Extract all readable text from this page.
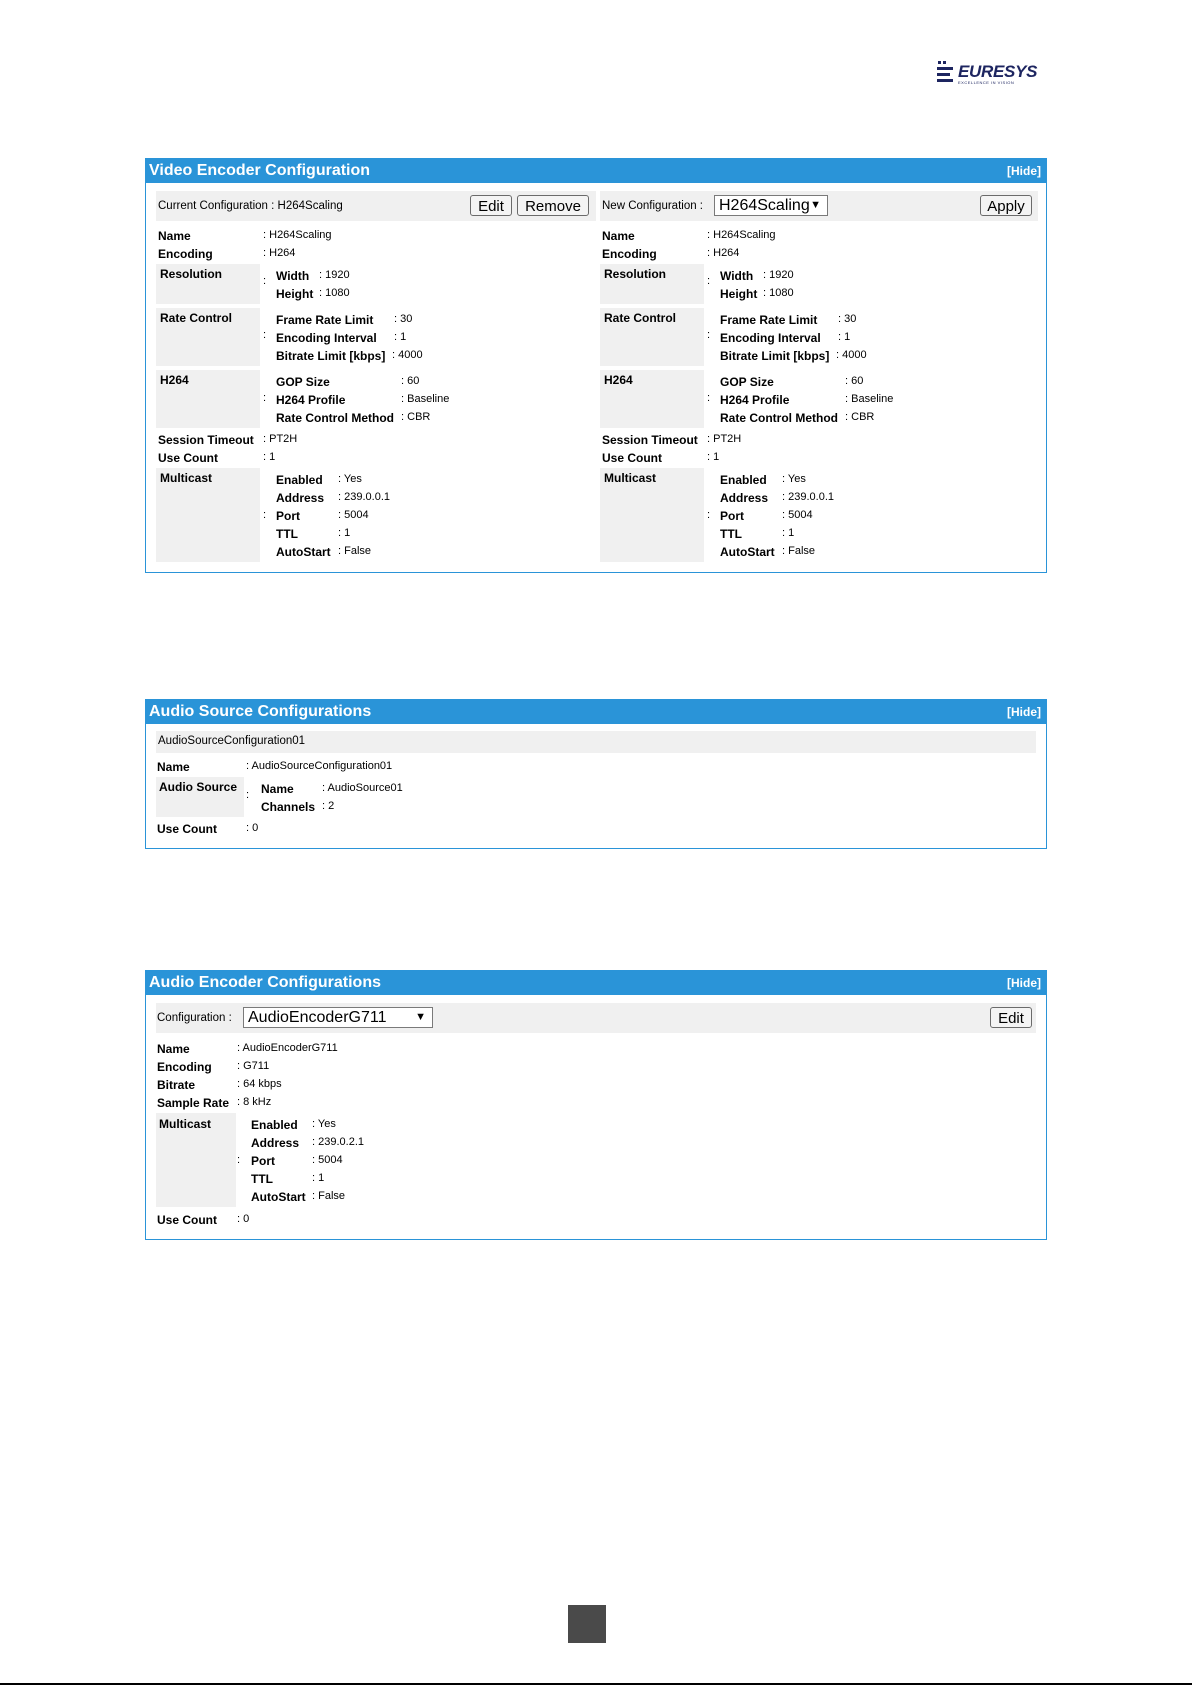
EURESYS
EXCELLENCE IN VISION
Video Encoder Configuration	[Hide]
Current Configuration : H264Scaling	Edit	Remove	New Configuration :	H264Scaling ▼	Apply
Name	: H264Scaling
Encoding	: H264
Resolution	: Width : 1920
Height : 1080
Rate Control
:
Frame Rate Limit : 30
Encoding Interval : 1
Bitrate Limit [kbps] : 4000
H264
:
GOP Size	: 60
H264 Profile	: Baseline
Rate Control Method : CBR
Session Timeout : PT2H
Use Count	: 1
Multicast
:
Enabled : Yes
Address : 239.0.0.1
Port	: 5004
TTL	: 1
AutoStart : False
Name	: H264Scaling
Encoding	: H264
Resolution	: Width : 1920
Height : 1080
Rate Control
:
Frame Rate Limit : 30
Encoding Interval : 1
Bitrate Limit [kbps] : 4000
H264
:
GOP Size	: 60
H264 Profile	: Baseline
Rate Control Method : CBR
Session Timeout : PT2H
Use Count	: 1
Multicast
:
Enabled : Yes
Address : 239.0.0.1
Port	: 5004
TTL	: 1
AutoStart : False
Audio Source Configurations	[Hide]
AudioSourceConfiguration01
Name	: AudioSourceConfiguration01
Audio Source
: Name	: AudioSource01
Channels : 2
Use Count	: 0
Audio Encoder Configurations	[Hide]
Configuration :	AudioEncoderG711	▼	Edit
Name	: AudioEncoderG711
Encoding : G711
Bitrate	: 64 kbps
Sample Rate : 8 kHz
Multicast
:
Enabled : Yes
Address : 239.0.2.1
Port	: 5004
TTL	: 1
AutoStart : False
Use Count : 0
